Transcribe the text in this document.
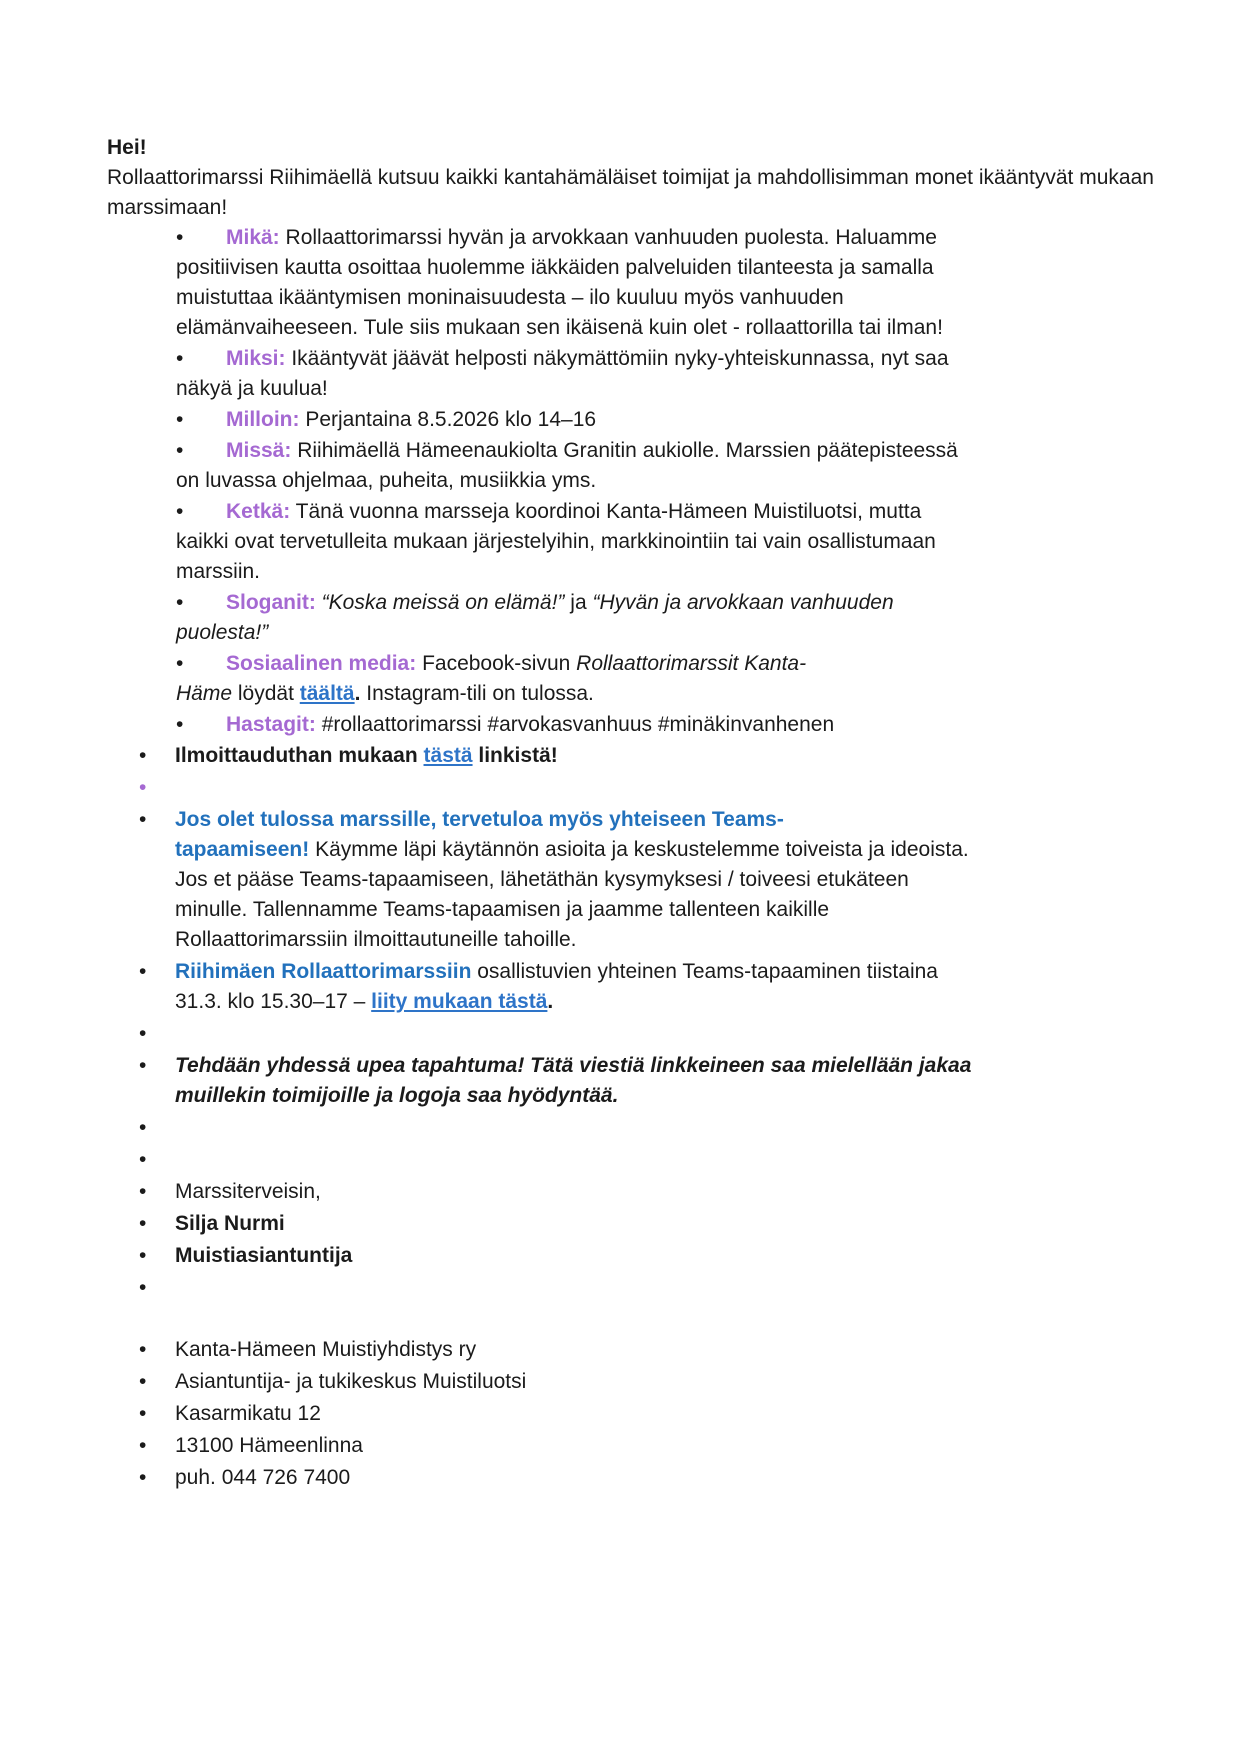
Hei!

Rollaattorimarssi Riihimäellä kutsuu kaikki kantahämäläiset toimijat ja mahdollisimman monet ikääntyvät mukaan marssimaan!

• Mikä: Rollaattorimarssi hyvän ja arvokkaan vanhuuden puolesta. Haluamme
positiivisen kautta osoittaa huolemme iäkkäiden palveluiden tilanteesta ja samalla
muistuttaa ikääntymisen moninaisuudesta – ilo kuuluu myös vanhuuden
elämänvaiheeseen. Tule siis mukaan sen ikäisenä kuin olet - rollaattorilla tai ilman!
• Miksi: Ikääntyvät jäävät helposti näkymättömiin nyky-yhteiskunnassa, nyt saa
näkyä ja kuulua!
• Milloin: Perjantaina 8.5.2026 klo 14–16
• Missä: Riihimäellä Hämeenaukiolta Granitin aukiolle. Marssien päätepisteessä
on luvassa ohjelmaa, puheita, musiikkia yms.
• Ketkä: Tänä vuonna marsseja koordinoi Kanta-Hämeen Muistiluotsi, mutta
kaikki ovat tervetulleita mukaan järjestelyihin, markkinointiin tai vain osallistumaan
marssiin.
• Sloganit: “Koska meissä on elämä!” ja “Hyvän ja arvokkaan vanhuuden
puolesta!”
• Sosiaalinen media: Facebook-sivun Rollaattorimarssit Kanta-
Häme löydät täältä. Instagram-tili on tulossa.
• Hastagit: #rollaattorimarssi #arvokasvanhuus #minäkinvanhenen
• Ilmoittauduthan mukaan tästä linkistä!
•
• Jos olet tulossa marssille, tervetuloa myös yhteiseen Teams-
tapaamiseen! Käymme läpi käytännön asioita ja keskustelemme toiveista ja ideoista.
Jos et pääse Teams-tapaamiseen, lähetäthän kysymyksesi / toiveesi etukäteen
minulle. Tallennamme Teams-tapaamisen ja jaamme tallenteen kaikille
Rollaattorimarssiin ilmoittautuneille tahoille.
• Riihimäen Rollaattorimarssiin osallistuvien yhteinen Teams-tapaaminen tiistaina
31.3. klo 15.30–17 – liity mukaan tästä.
•
• Tehdään yhdessä upea tapahtuma! Tätä viestiä linkkeineen saa mielellään jakaa
muillekin toimijoille ja logoja saa hyödyntää.
•
•
• Marssiterveisin,
• Silja Nurmi
• Muistiasiantuntija
•
• Kanta-Hämeen Muistiyhdistys ry
• Asiantuntija- ja tukikeskus Muistiluotsi
• Kasarmikatu 12
• 13100 Hämeenlinna
• puh. 044 726 7400
